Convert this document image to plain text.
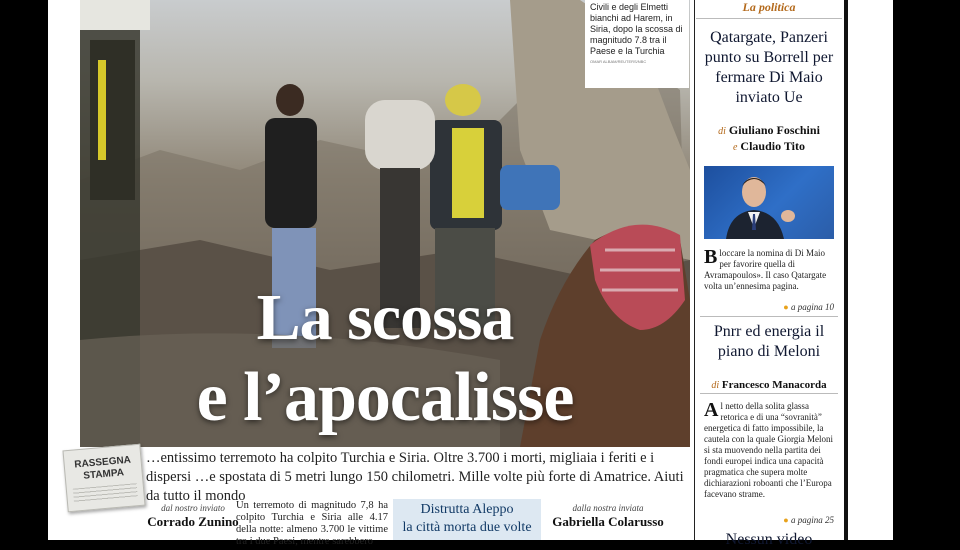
La scossa
e l’apocalisse
Civili e degli Elmetti bianchi ad Harem, in Siria, dopo la scossa di magnitudo 7.8 tra il Paese e la Turchia
OMAR ALBAM/REUTERS/NBC
…entissimo terremoto ha colpito Turchia e Siria. Oltre 3.700 i morti, migliaia i feriti e i dispersi …e spostata di 5 metri lungo 150 chilometri. Mille volte più forte di Amatrice. Aiuti da tutto il mondo
RASSEGNA
STAMPA
dal nostro inviato
Corrado Zunino
Un terremoto di magnitudo 7,8 ha colpito Turchia e Siria alle 4.17 della notte: almeno 3.700 le vittime tra i due Paesi, mentre sarebbero
Distrutta Aleppo
la città morta due volte
dalla nostra inviata
Gabriella Colarusso
La politica
Qatargate, Panzeri punto su Borrell per fermare Di Maio inviato Ue
di Giuliano Foschini
e Claudio Tito
B loccare la nomina di Di Maio per favorire quella di Avramapoulos». Il caso Qatargate volta un’ennesima pagina.
● a pagina 10
Pnrr ed energia il piano di Meloni
di Francesco Manacorda
A l netto della solita glassa retorica e di una “sovranità” energetica di fatto impossibile, la cautela con la quale Giorgia Meloni si sta muovendo nella partita dei fondi europei indica una capacità pragmatica che supera molte dichiarazioni roboanti che l’Europa facevano strame.
● a pagina 25
Nessun video
